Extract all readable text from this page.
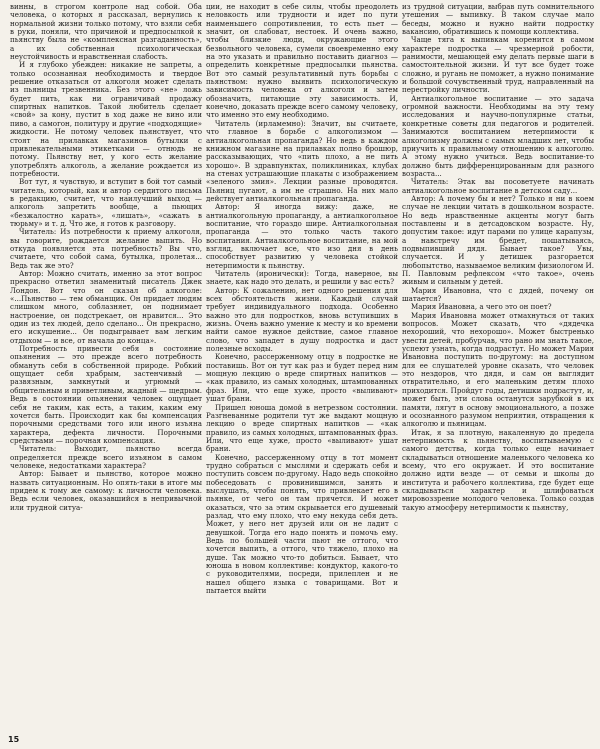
винны, в строгом контроле над собой. Оба человека, о которых я рассказал, вернулись к нормальной жизни только потому, что взяли себя в руки, поняли, что причиной и предпосылкой к пьянству была не «комплексная разгаданность», а их собственная психологическая неустойчивость и нравственная слабость.

И я глубоко убежден: никакие не запреты, а только осознанная необходимость и твердое решение отказаться от алкоголя может сделать из пьяницы трезвенника. Без этого «не» ложь будет пить, как ни ограничивай продажу спиртных напитков. Такой любитель сделает «свой» за кону, пустит в ход даже не вино или пиво, а самогон, политуру и другие «подходящие» жидкости. Не потому человек пьянствует, что стоят на прилавках магазинов бутылки с привлекательными этикетками — отнюдь не потому. Пьянству нет, у кого есть желание употреблять алкоголь, а желание рождается из потребности.

Вот тут, я чувствую, и вступит в бой тот самый читатель, который, как и автор сердитого письма в редакцию, считает, что наилучший выход — алкоголь запретить вообще, а пьющих «безжалостно карать», «лишать», «сажать в тюрьму» и т. д. Что же, я готов к разговору.

Читатель: Из потребности к приему алкоголя, вы говорите, рождается желание выпить. Но откуда появляется эта потребность? Вы что, считаете, что собой сама, бутылка, пролетая... Ведь так же это?

Автор: Можно считать, именно за этот вопрос прекрасно ответил знаменитый писатель Джек Лондон. Вот что он сказал об алкоголе: «...Пьянство — тем обманщик. Он придает людям слишком много, соблазняет, он поднимает настроение, он подстрекает, он нравится... Это один из тех людей, дело сделано... Он прекрасно, его искушение... Он подыгрывает вам легким отдыхом — и все, от начала до конца».

Потребность привести себя в состояние опьянения — это прежде всего потребность обмануть себя в собственной природе. Робкий ощущает себя храбрым, застенчивый — развязным, замкнутый и угрюмый — общительным и приветливым, жадный — щедрым. Ведь в состоянии опьянения человек ощущает себя не таким, как есть, а таким, каким ему хочется быть. Происходит как бы компенсация порочными средствами того или иного изъяна характера, дефекта личности. Порочными средствами — порочная компенсация.

Читатель: Выходит, пьянство всегда определяется прежде всего изъяном в самом человеке, недостатками характера?

Автор: Бывает и пьянство, которое можно назвать ситуационным. Но опять-таки в итоге мы придем к тому же самому: к личности человека. Ведь если человек, оказавшийся в непривычной или трудной ситуа-

ции, не находит в себе силы, чтобы преодолеть неловкость или трудности и идет по пути наименьшего сопротивления, то есть пьет — значит, он слабоват, нестоек. И очень важно, чтобы близкие люди, окружающие этого безвольного человека, сумели своевременно ему на это указать и правильно поставить диагноз — определить конкретные предпосылки пьянства. Вот это самый результативный путь борьбы с пьянством: нужно выявить психологическую зависимость человека от алкоголя и затем обозначить, питающие эту зависимость. И, конечно, доказать прежде всего самому человеку, что именно это ему необходимо.

Читатель (ирламемно): Значит, вы считаете, что главное в борьбе с алкоголизмом — антиалкогольная пропаганда? Но ведь в каждом книжном магазине на прилавках полно брошюр, рассказывающих, что «пить плохо, а не пить хорошо». В здравпунктах, поликлиниках, клубах на стенах устрашающие плакаты с изображением «зеленого змия». Лекции разные проводятся. Пьяниц пугают, а им не страшно. На них мало действует антиалкогольная пропаганда.

Автор: Я иногда вижу: даже, не антиалкогольную пропаганду, а антиалкогольное воспитание, что гораздо шире. Антиалкогольная пропаганда — это только часть такого воспитания. Антиалкогольное воспитание, на мой взгляд, включает все, что изо дня в день способствует развитию у человека стойкой нетерпимости к пьянству.

Читатель (иронически): Тогда, наверное, вы знаете, как надо это делать, и решили у вас есть?

Автор: К сожалению, нет одного решения для всех обстоятельств жизни. Каждый случай требует индивидуального подхода. Особенно важно это для подростков, вновь вступивших в жизнь. Очень важно умение к месту и ко времени найти самое нужное действие, самое главное слово, что западет в душу подростка и даст полезные всходы.

Конечно, рассерженному отцу в подростке не поставишь. Вот он тут как раз и будет перед ним мощную лекцию о вреде спиртных напитков — «как правило, из самых холодных, штампованных фраз. Или, что еще хуже, просто «выливают» ушат брани.

Пришел юноша домой в нетрезвом состоянии. Разгневанные родители тут же выдают мощную лекцию о вреде спиртных напитков — «как правило, из самых холодных, штампованных фраз. Или, что еще хуже, просто «выливают» ушат брани.

Конечно, рассерженному отцу в тот момент трудно собраться с мыслями и сдержать себя и поступить совсем по-другому. Надо ведь спокойно побеседовать с провинившимся, занять и выслушать, чтобы понять, что привлекает его в пьянке, от чего он там прячется. И может оказаться, что за этим скрывается его душевный разлад, что ему плохо, что ему некуда себя деть. Может, у него нет друзей или он не ладит с девушкой. Тогда его надо понять и помочь ему. Ведь по большей части пьют не оттого, что хочется выпить, а оттого, что тяжело, плохо на душе. Так можно что-то добиться. Бывает, что юноша в новом коллективе: кондуктор, какого-то с руководителями, посреди, прилеплен и не нашел общего языка с товарищами. Вот и пытается выйти

из трудной ситуации, выбрав путь сомнительного утешения — выпивку. В таком случае мало беседы, можно и нужно найти подростку вакансию, обратившись к помощи коллектива.

Чаще тяга к выпивкам коренится в самом характере подростка — чрезмерной робости, ранимости, мешающей ему делать первые шаги в самостоятельной жизни. И тут все будет тоже сложно, и ругань не поможет, а нужно понимание и большой сочувственный труд, направленный на перестройку личности.

Антиалкогольное воспитание — это задача огромной важности. Необходимы на эту тему исследования и научно-популярные статьи, конкретные советы для педагогов и родителей. Занимаются воспитанием нетерпимости к алкоголизму должны с самых младших лет, чтобы приучить к правильному отношению к алкоголю. А этому нужно учиться. Ведь воспитание-то должно быть дифференцированным для разного возраста...

Читатель: Этак вы посоветуете начинать антиалкогольное воспитание в детском саду...

Автор: А почему бы и нет? Только я ни в коем случае не лекции читать в дошкольном возрасте. Но ведь нравственные акценты могут быть поставлены и в детсадовском возрасте. Ну, допустим такое: идут парами по улице карапузы, а навстречу им бредет, пошатываясь, подвыпивший дядя. Бывает такое? Увы, случается. И у детишек разгорается любопытство, называемое великим физиологом И. П. Павловым рефлексом «что такое», очень живым и сильным у детей.

Мария Ивановна, что с дядей, почему он шатается?

Мария Ивановна, а чего это он поет?

Мария Ивановна может отмахнуться от таких вопросов. Может сказать, что «дядечка нехороший, что нехорошо». Может быстренько увести детей, пробурчав, что рано им знать такое, успеют узнать, когда подрастут. Но может Мария Ивановна поступить по-другому: на доступном для ее слушателей уровне сказать, что человек это нездоров, что дядя, и сам он выглядит отвратительно, и его маленьким детям плохо приходится. Пройдут годы, детишки подрастут, и, может быть, эти слова останутся зарубкой в их памяти, лягут в основу эмоционального, а позже и осознанного разумом неприятия, отвращения к алкоголю и пьяницам.

Итак, я за плотную, накаленную до предела нетерпимость к пьянству, воспитываемую с самого детства, когда только еще начинает складываться отношение маленького человека ко всему, что его окружает. И это воспитание должно идти везде — от семьи и школы до института и рабочего коллектива, где будет еще складываться характер и шлифоваться мировоззрение молодого человека. Только создав такую атмосферу нетерпимости к пьянству,

15
